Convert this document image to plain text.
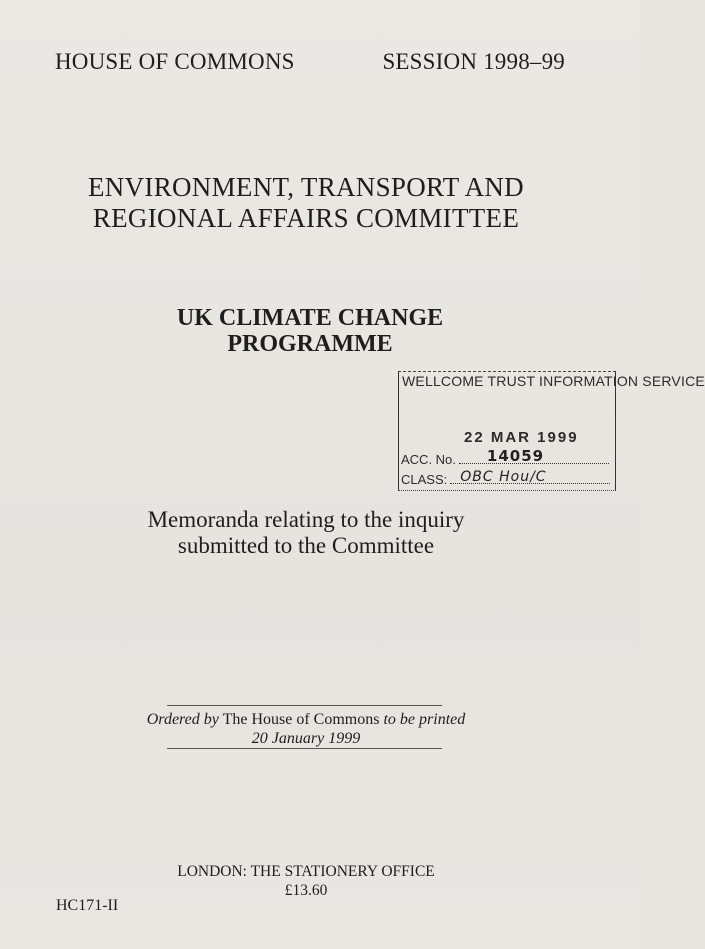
HOUSE OF COMMONS	SESSION 1998–99
ENVIRONMENT, TRANSPORT AND
REGIONAL AFFAIRS COMMITTEE
UK CLIMATE CHANGE
PROGRAMME
WELLCOME TRUST INFORMATION SERVICE
22 MAR 1999
ACC. No. 14059
CLASS: OBC Hou/C
Memoranda relating to the inquiry
submitted to the Committee
Ordered by The House of Commons to be printed
20 January 1999
LONDON: THE STATIONERY OFFICE
£13.60
HC171-II
